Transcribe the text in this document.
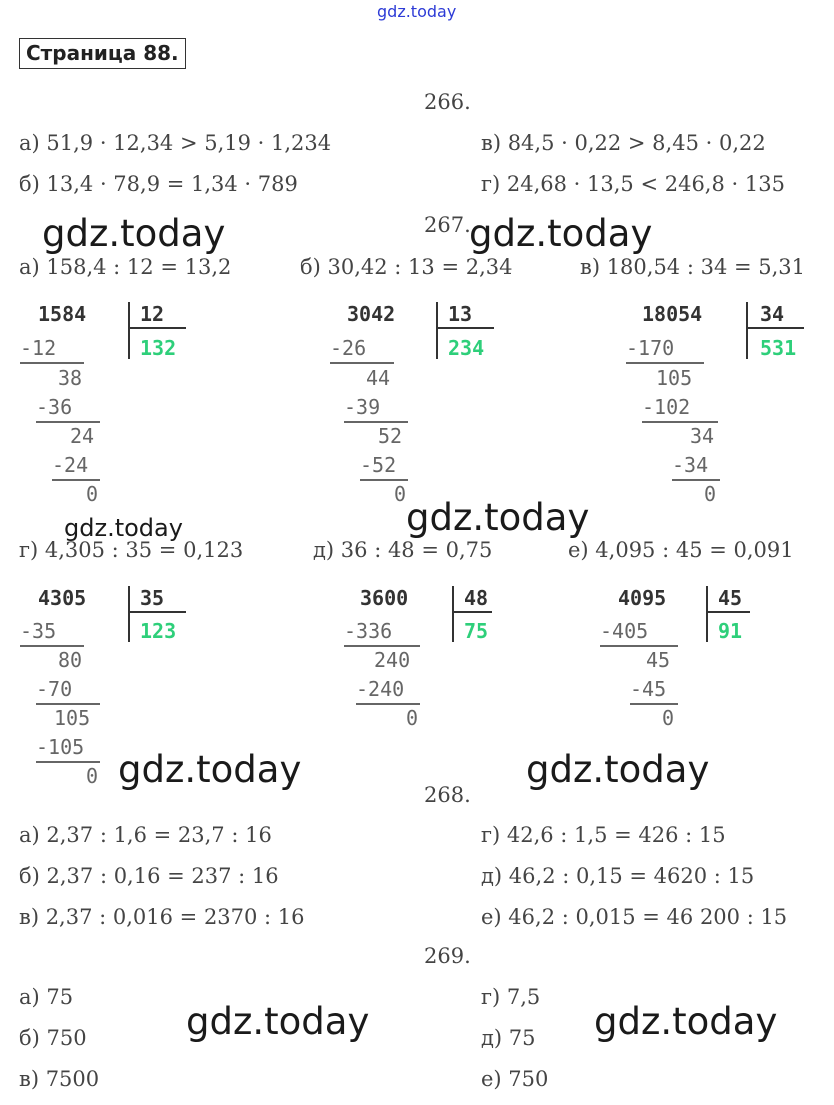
gdz.today
Страница 88.
266.
а) 51,9 · 12,34 > 5,19 · 1,234	в) 84,5 · 0,22 > 8,45 · 0,22
б) 13,4 · 78,9 = 1,34 · 789	г) 24,68 · 13,5 < 246,8 · 135
267.
gdz.today	gdz.today
а) 158,4 : 12 = 13,2	б) 30,42 : 13 = 2,34	в) 180,54 : 34 = 5,31
1584	12
132
-12
38
-36
24
-24
0
3042	13
234
-26
44
-39
52
-52
0
18054	34
531
-170
105
-102
34
-34
0
gdz.today	gdz.today
г) 4,305 : 35 = 0,123	д) 36 : 48 = 0,75	е) 4,095 : 45 = 0,091
4305	35
123
-35
80
-70
105
-105
0
3600	48
75
-336
240
-240
0
4095	45
91
-405
45
-45
0
gdz.today	gdz.today
268.
а) 2,37 : 1,6 = 23,7 : 16	г) 42,6 : 1,5 = 426 : 15
б) 2,37 : 0,16 = 237 : 16	д) 46,2 : 0,15 = 4620 : 15
в) 2,37 : 0,016 = 2370 : 16	е) 46,2 : 0,015 = 46 200 : 15
269.
а) 75	г) 7,5
б) 750	д) 75
в) 7500	е) 750
gdz.today	gdz.today
